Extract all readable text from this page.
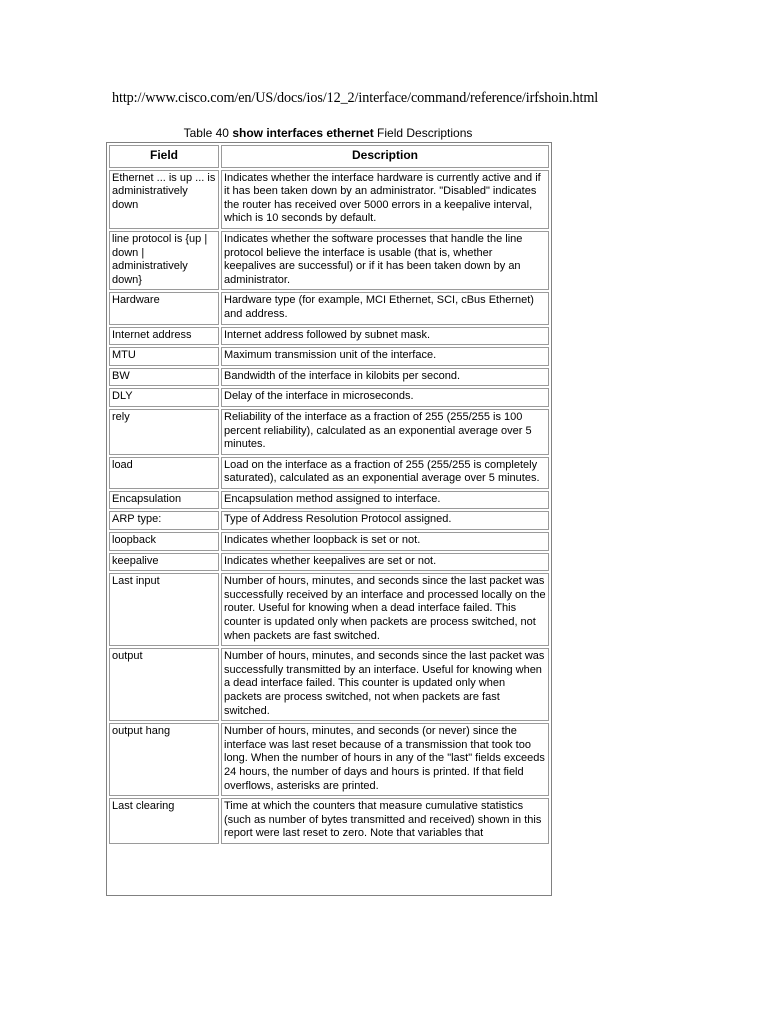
http://www.cisco.com/en/US/docs/ios/12_2/interface/command/reference/irfshoin.html
Table 40 show interfaces ethernet Field Descriptions
Field	Description
Ethernet ... is up ... is administratively down	Indicates whether the interface hardware is currently active and if it has been taken down by an administrator. "Disabled" indicates the router has received over 5000 errors in a keepalive interval, which is 10 seconds by default.
line protocol is {up | down | administratively down}	Indicates whether the software processes that handle the line protocol believe the interface is usable (that is, whether keepalives are successful) or if it has been taken down by an administrator.
Hardware	Hardware type (for example, MCI Ethernet, SCI, cBus Ethernet) and address.
Internet address	Internet address followed by subnet mask.
MTU	Maximum transmission unit of the interface.
BW	Bandwidth of the interface in kilobits per second.
DLY	Delay of the interface in microseconds.
rely	Reliability of the interface as a fraction of 255 (255/255 is 100 percent reliability), calculated as an exponential average over 5 minutes.
load	Load on the interface as a fraction of 255 (255/255 is completely saturated), calculated as an exponential average over 5 minutes.
Encapsulation	Encapsulation method assigned to interface.
ARP type:	Type of Address Resolution Protocol assigned.
loopback	Indicates whether loopback is set or not.
keepalive	Indicates whether keepalives are set or not.
Last input	Number of hours, minutes, and seconds since the last packet was successfully received by an interface and processed locally on the router. Useful for knowing when a dead interface failed. This counter is updated only when packets are process switched, not when packets are fast switched.
output	Number of hours, minutes, and seconds since the last packet was successfully transmitted by an interface. Useful for knowing when a dead interface failed. This counter is updated only when packets are process switched, not when packets are fast switched.
output hang	Number of hours, minutes, and seconds (or never) since the interface was last reset because of a transmission that took too long. When the number of hours in any of the "last" fields exceeds 24 hours, the number of days and hours is printed. If that field overflows, asterisks are printed.
Last clearing	Time at which the counters that measure cumulative statistics (such as number of bytes transmitted and received) shown in this report were last reset to zero. Note that variables that
